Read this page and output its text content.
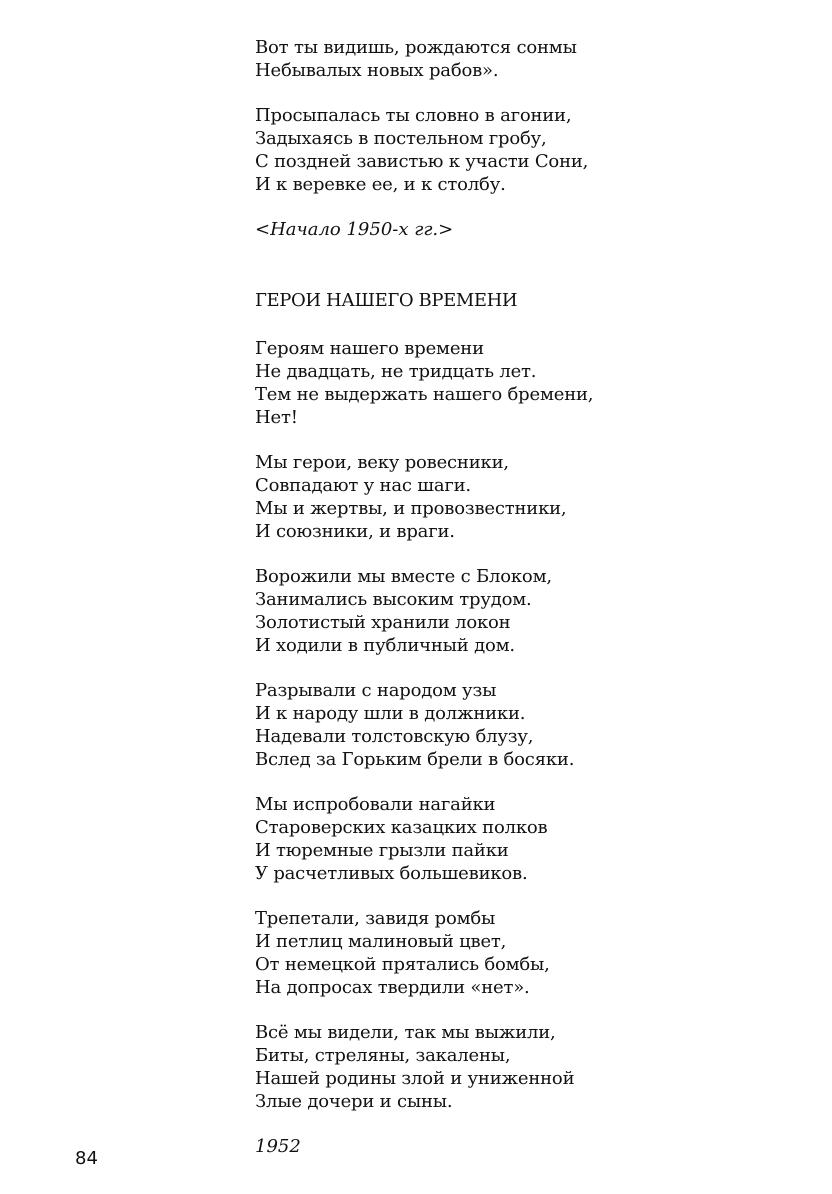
Вот ты видишь, рождаются сонмы
Небывалых новых рабов».
Просыпалась ты словно в агонии,
Задыхаясь в постельном гробу,
С поздней завистью к участи Сони,
И к веревке ее, и к столбу.
<Начало 1950-х гг.>
ГЕРОИ НАШЕГО ВРЕМЕНИ
Героям нашего времени
Не двадцать, не тридцать лет.
Тем не выдержать нашего бремени,
Нет!
Мы герои, веку ровесники,
Совпадают у нас шаги.
Мы и жертвы, и провозвестники,
И союзники, и враги.
Ворожили мы вместе с Блоком,
Занимались высоким трудом.
Золотистый хранили локон
И ходили в публичный дом.
Разрывали с народом узы
И к народу шли в должники.
Надевали толстовскую блузу,
Вслед за Горьким брели в босяки.
Мы испробовали нагайки
Староверских казацких полков
И тюремные грызли пайки
У расчетливых большевиков.
Трепетали, завидя ромбы
И петлиц малиновый цвет,
От немецкой прятались бомбы,
На допросах твердили «нет».
Всё мы видели, так мы выжили,
Биты, стреляны, закалены,
Нашей родины злой и униженной
Злые дочери и сыны.
1952
84
